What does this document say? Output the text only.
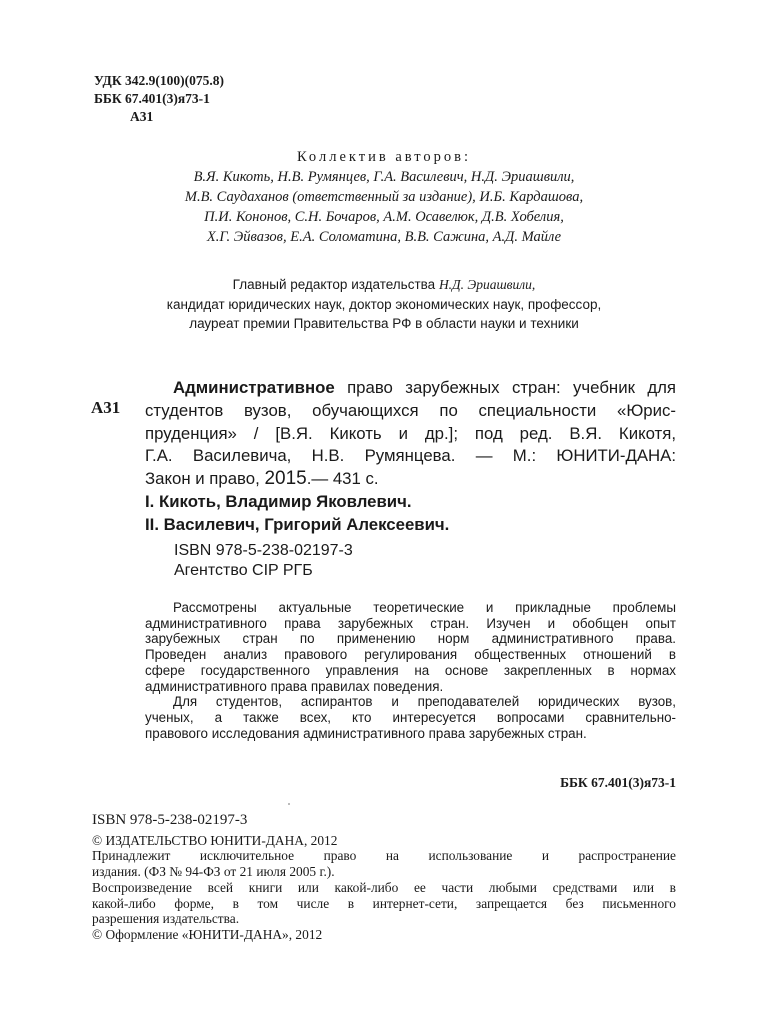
УДК 342.9(100)(075.8)
ББК 67.401(3)я73-1
А31
Коллектив авторов:
В.Я. Кикоть, Н.В. Румянцев, Г.А. Василевич, Н.Д. Эриашвили,
М.В. Саудаханов (ответственный за издание), И.Б. Кардашова,
П.И. Кононов, С.Н. Бочаров, А.М. Осавелюк, Д.В. Хобелия,
Х.Г. Эйвазов, Е.А. Соломатина, В.В. Сажина, А.Д. Майле
Главный редактор издательства Н.Д. Эриашвили,
кандидат юридических наук, доктор экономических наук, профессор,
лауреат премии Правительства РФ в области науки и техники
А31
Административное право зарубежных стран: учебник для
студентов вузов, обучающихся по специальности «Юрис-
пруденция» / [В.Я. Кикоть и др.]; под ред. В.Я. Кикотя,
Г.А. Василевича, Н.В. Румянцева. — М.: ЮНИТИ-ДАНА:
Закон и право, 2015.— 431 с.
I. Кикоть, Владимир Яковлевич.
II. Василевич, Григорий Алексеевич.
ISBN 978-5-238-02197-3
Агентство CIP РГБ
Рассмотрены актуальные теоретические и прикладные проблемы
административного права зарубежных стран. Изучен и обобщен опыт
зарубежных стран по применению норм административного права.
Проведен анализ правового регулирования общественных отношений в
сфере государственного управления на основе закрепленных в нормах
административного права правилах поведения.
Для студентов, аспирантов и преподавателей юридических вузов,
ученых, а также всех, кто интересуется вопросами сравнительно-
правового исследования административного права зарубежных стран.
ББК 67.401(3)я73-1
ISBN 978-5-238-02197-3
© ИЗДАТЕЛЬСТВО ЮНИТИ-ДАНА, 2012
Принадлежит исключительное право на использование и распространение
издания. (ФЗ № 94-ФЗ от 21 июля 2005 г.).
Воспроизведение всей книги или какой-либо ее части любыми средствами или в
какой-либо форме, в том числе в интернет-сети, запрещается без письменного
разрешения издательства.
© Оформление «ЮНИТИ-ДАНА», 2012
